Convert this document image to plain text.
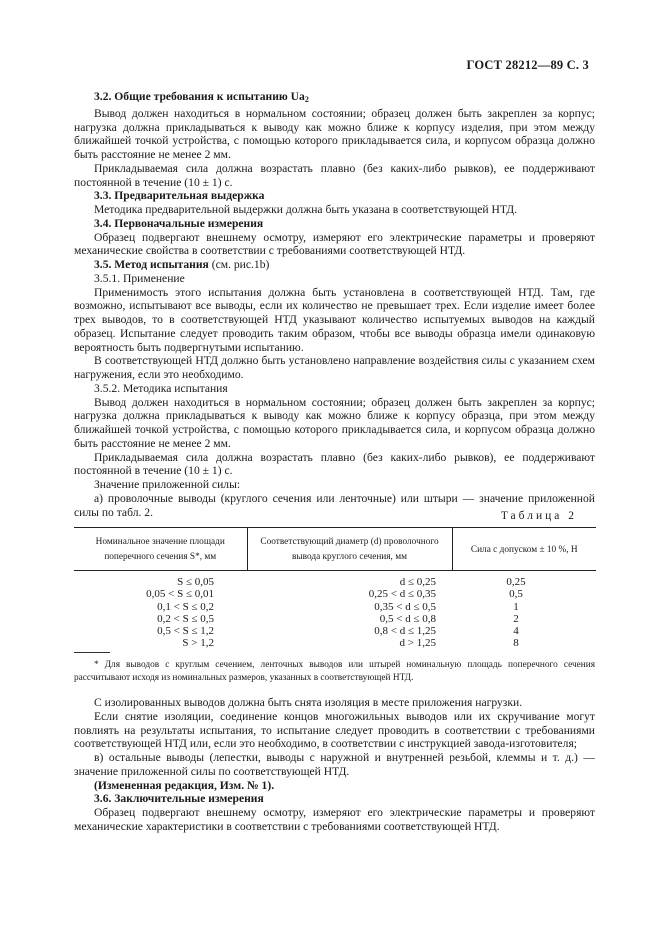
ГОСТ 28212—89 С. 3

3.2. Общие требования к испытанию $Ua_2$

Вывод должен находиться в нормальном состоянии; образец должен быть закреплен за корпус; нагрузка должна прикладываться к выводу как можно ближе к корпусу изделия, при этом между ближайшей точкой устройства, с помощью которого прикладывается сила, и корпусом образца должно быть расстояние не менее 2 мм.

Прикладываемая сила должна возрастать плавно (без каких-либо рывков), ее поддерживают постоянной в течение (10 ± 1) с.

3.3. Предварительная выдержка

Методика предварительной выдержки должна быть указана в соответствующей НТД.

3.4. Первоначальные измерения

Образец подвергают внешнему осмотру, измеряют его электрические параметры и проверяют механические свойства в соответствии с требованиями соответствующей НТД.

3.5. Метод испытания (см. рис.1b)

3.5.1. Применение

Применимость этого испытания должна быть установлена в соответствующей НТД. Там, где возможно, испытывают все выводы, если их количество не превышает трех. Если изделие имеет более трех выводов, то в соответствующей НТД указывают количество испытуемых выводов на каждый образец. Испытание следует проводить таким образом, чтобы все выводы образца имели одинаковую вероятность быть подвергнутыми испытанию.

В соответствующей НТД должно быть установлено направление воздействия силы с указанием схем нагружения, если это необходимо.

3.5.2. Методика испытания

Вывод должен находиться в нормальном состоянии; образец должен быть закреплен за корпус; нагрузка должна прикладываться к выводу как можно ближе к корпусу образца, при этом между ближайшей точкой устройства, с помощью которого прикладывается сила, и корпусом образца должно быть расстояние не менее 2 мм.

Прикладываемая сила должна возрастать плавно (без каких-либо рывков), ее поддерживают постоянной в течение (10 ± 1) с.

Значение приложенной силы:

а) проволочные выводы (круглого сечения или ленточные) или штыри — значение приложенной силы по табл. 2.	Таблица 2
Номинальное значение площади поперечного сечения S*, мм	Соответствующий диаметр (d) проволочного вывода круглого сечения, мм	Сила с допуском ± 10 %, Н
S ≤ 0,05	d ≤ 0,25	0,25
0,05 < S ≤ 0,01	0,25 < d ≤ 0,35	0,5
0,1 < S ≤ 0,2	0,35 < d ≤ 0,5	1
0,2 < S ≤ 0,5	0,5 < d ≤ 0,8	2
0,5 < S ≤ 1,2	0,8 < d ≤ 1,25	4
S > 1,2	d > 1,25	8

* Для выводов с круглым сечением, ленточных выводов или штырей номинальную площадь поперечного сечения рассчитывают исходя из номинальных размеров, указанных в соответствующей НТД.

С изолированных выводов должна быть снята изоляция в месте приложения нагрузки.

Если снятие изоляции, соединение концов многожильных выводов или их скручивание могут повлиять на результаты испытания, то испытание следует проводить в соответствии с требованиями соответствующей НТД или, если это необходимо, в соответствии с инструкцией завода-изготовителя;

в) остальные выводы (лепестки, выводы с наружной и внутренней резьбой, клеммы и т. д.) — значение приложенной силы по соответствующей НТД.

(Измененная редакция, Изм. № 1).

3.6. Заключительные измерения

Образец подвергают внешнему осмотру, измеряют его электрические параметры и проверяют механические характеристики в соответствии с требованиями соответствующей НТД.
